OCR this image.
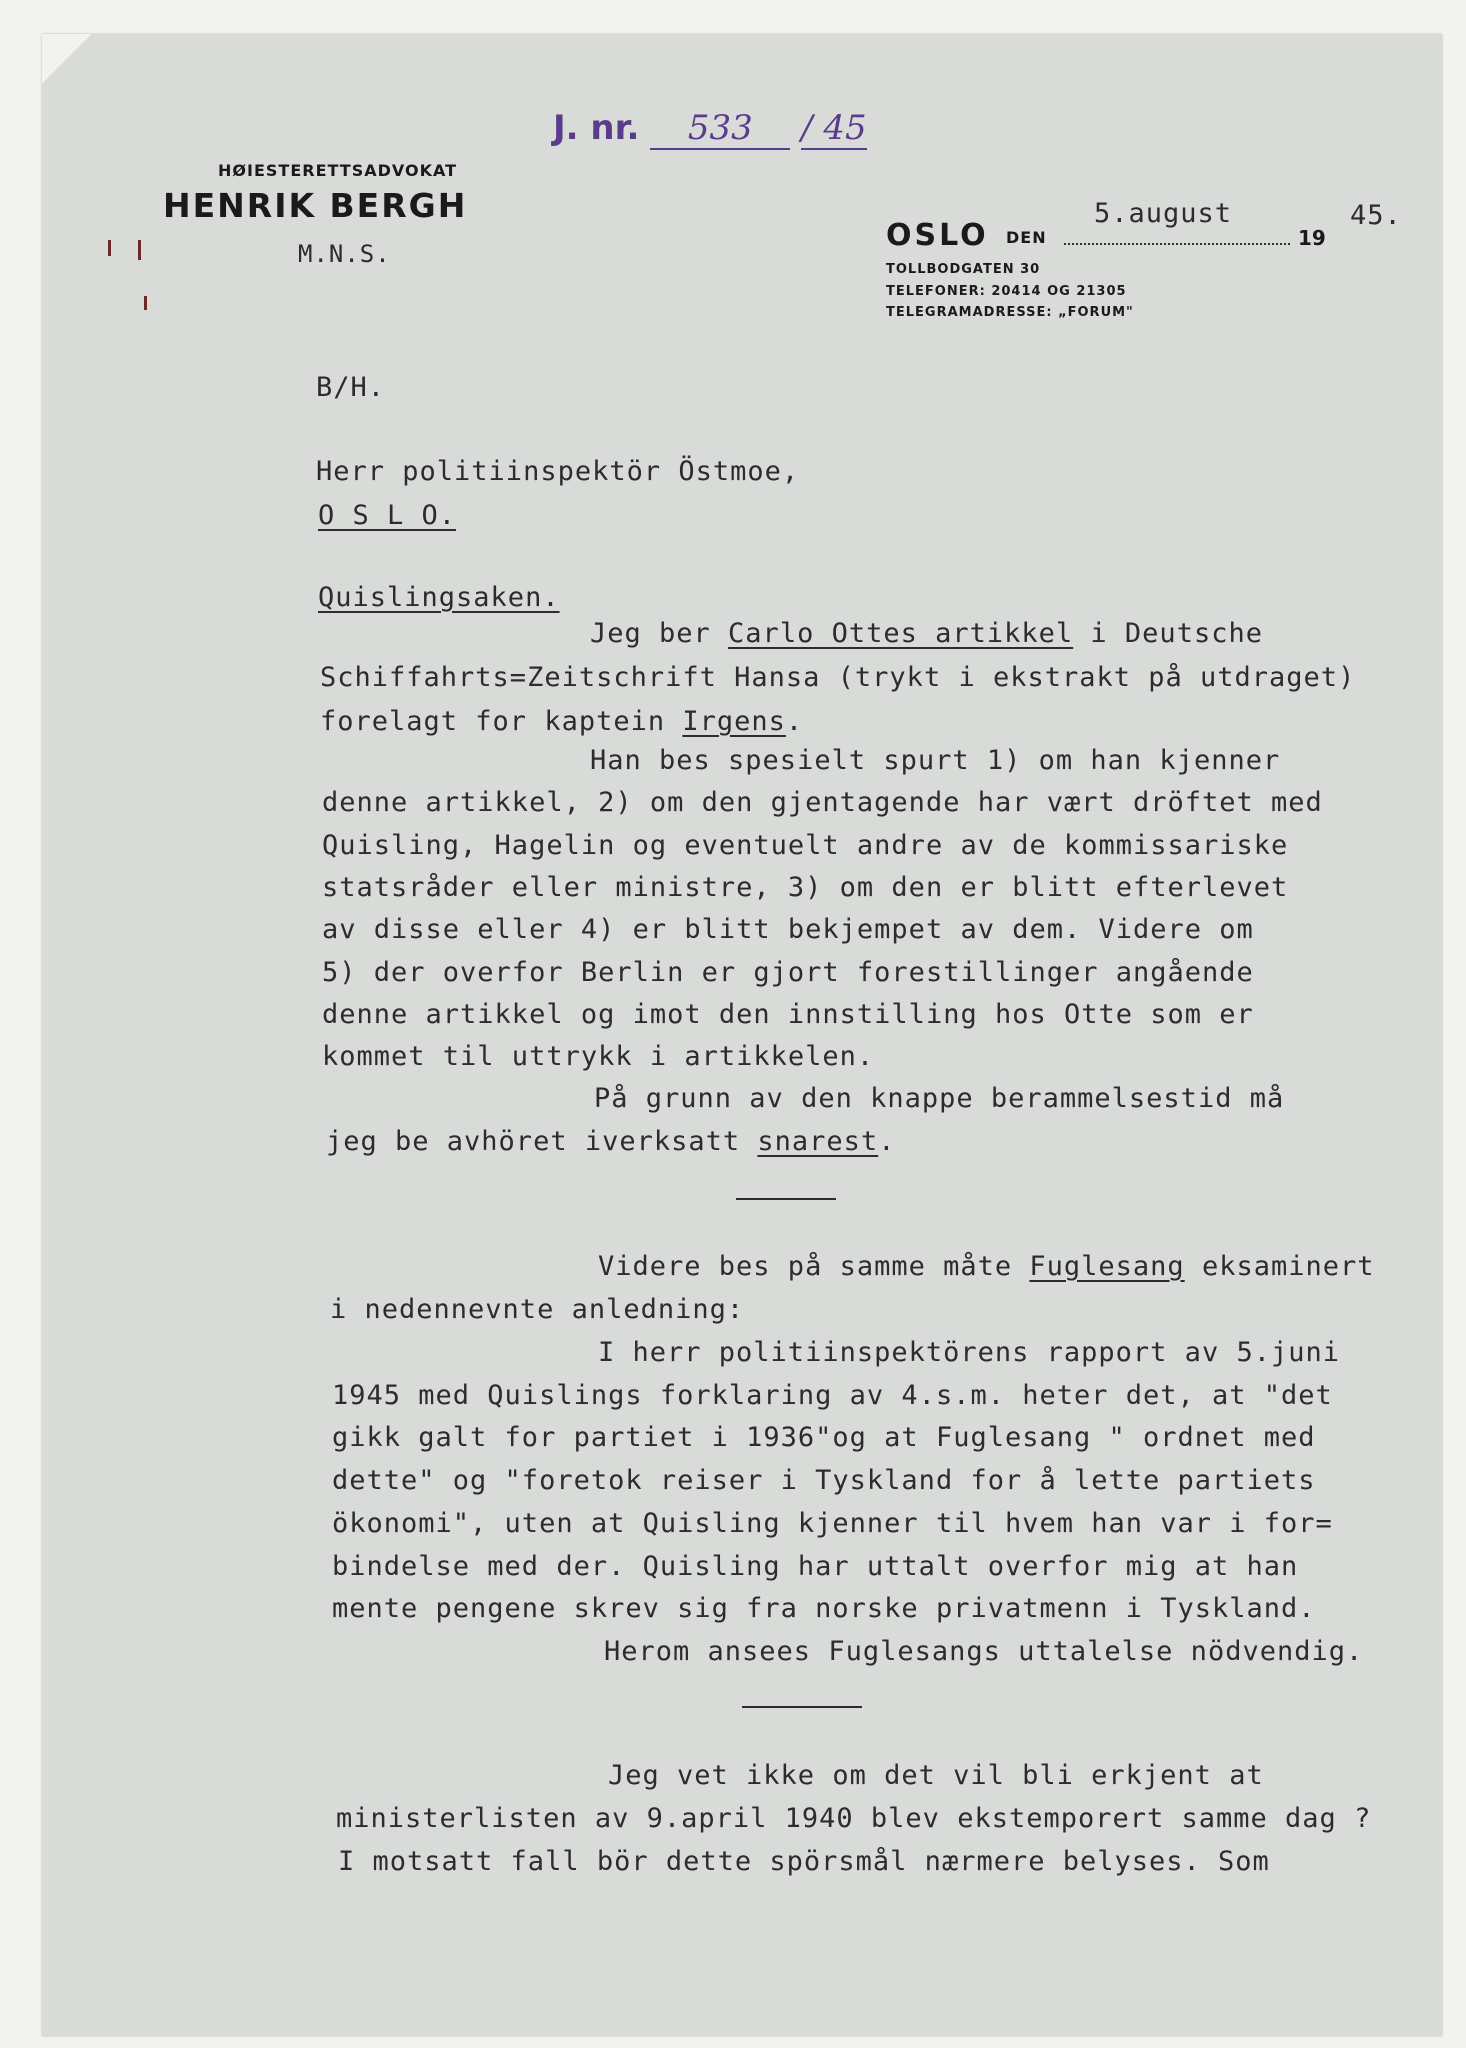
J. nr. 533 / 45
HØIESTERETTSADVOKAT
HENRIK BERGH
M.N.S.
OSLO DEN
5.august
19
45.
TOLLBODGATEN 30
TELEFONER: 20414 OG 21305
TELEGRAMADRESSE: „FORUM"
B/H.
Herr politiinspektör Östmoe,
O S L O.
Quislingsaken.
Jeg ber Carlo Ottes artikkel i Deutsche
Schiffahrts=Zeitschrift Hansa (trykt i ekstrakt på utdraget)
forelagt for kaptein Irgens.
Han bes spesielt spurt 1) om han kjenner
denne artikkel, 2) om den gjentagende har vært dröftet med
Quisling, Hagelin og eventuelt andre av de kommissariske
statsråder eller ministre, 3) om den er blitt efterlevet
av disse eller 4) er blitt bekjempet av dem. Videre om
5) der overfor Berlin er gjort forestillinger angående
denne artikkel og imot den innstilling hos Otte som er
kommet til uttrykk i artikkelen.
På grunn av den knappe berammelsestid må
jeg be avhöret iverksatt snarest.
Videre bes på samme måte Fuglesang eksaminert
i nedennevnte anledning:
I herr politiinspektörens rapport av 5.juni
1945 med Quislings forklaring av 4.s.m. heter det, at "det
gikk galt for partiet i 1936"og at Fuglesang " ordnet med
dette" og "foretok reiser i Tyskland for å lette partiets
ökonomi", uten at Quisling kjenner til hvem han var i for=
bindelse med der. Quisling har uttalt overfor mig at han
mente pengene skrev sig fra norske privatmenn i Tyskland.
Herom ansees Fuglesangs uttalelse nödvendig.
Jeg vet ikke om det vil bli erkjent at
ministerlisten av 9.april 1940 blev ekstemporert samme dag ?
I motsatt fall bör dette spörsmål nærmere belyses. Som
